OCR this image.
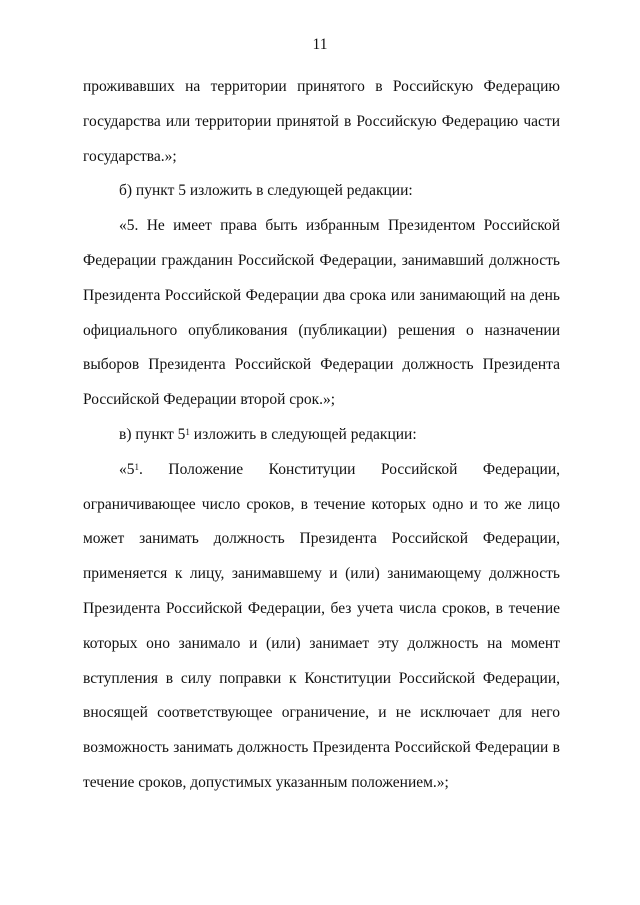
11

проживавших на территории принятого в Российскую Федерацию государства или территории принятой в Российскую Федерацию части государства.»;

б) пункт 5 изложить в следующей редакции:

«5. Не имеет права быть избранным Президентом Российской Федерации гражданин Российской Федерации, занимавший должность Президента Российской Федерации два срока или занимающий на день официального опубликования (публикации) решения о назначении выборов Президента Российской Федерации должность Президента Российской Федерации второй срок.»;

в) пункт $5^1$ изложить в следующей редакции:

«$5^1$. Положение Конституции Российской Федерации, ограничивающее число сроков, в течение которых одно и то же лицо может занимать должность Президента Российской Федерации, применяется к лицу, занимавшему и (или) занимающему должность Президента Российской Федерации, без учета числа сроков, в течение которых оно занимало и (или) занимает эту должность на момент вступления в силу поправки к Конституции Российской Федерации, вносящей соответствующее ограничение, и не исключает для него возможность занимать должность Президента Российской Федерации в течение сроков, допустимых указанным положением.»;
